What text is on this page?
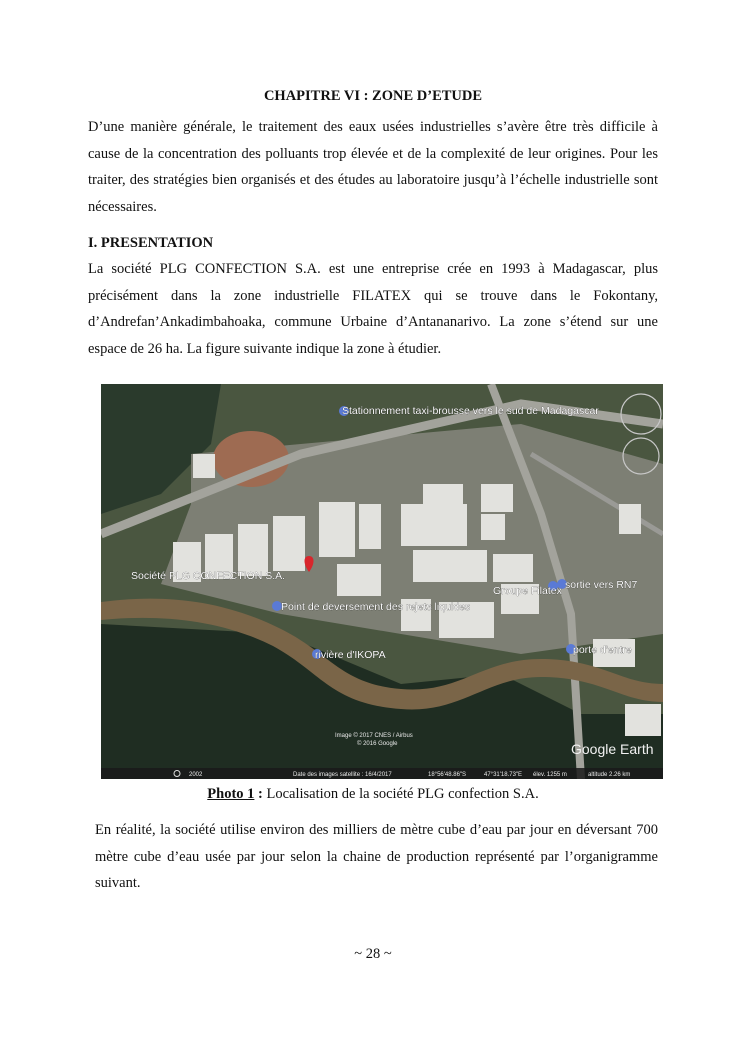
CHAPITRE VI : ZONE D’ETUDE

D’une manière générale, le traitement des eaux usées industrielles s’avère être très difficile à cause de la concentration des polluants trop élevée et de la complexité de leur origines. Pour les traiter, des stratégies bien organisés et des études au laboratoire jusqu’à l’échelle industrielle sont nécessaires.

I. PRESENTATION

La société PLG CONFECTION S.A. est une entreprise crée en 1993 à Madagascar, plus précisément dans la zone industrielle FILATEX qui se trouve dans le Fokontany, d’Andrefan’Ankadimbahoaka, commune Urbaine d’Antananarivo. La zone s’étend sur une espace de 26 ha. La figure suivante indique la zone à étudier.

Stationnement taxi-brousse vers le sud de Madagascar
Société PLG CONFECTION S.A.
Point de deversement des rejets liquides
Groupe Filatex sortie vers RN7
porte d'entre
rivière d'IKOPA
Image © 2017 CNES / Airbus
© 2016 Google	Google Earth
2002	Date des images satellite : 16/4/2017	18°56'48.86"S	47°31'18.73"E élev. 1255 m	altitude 2.26 km
Photo 1 : Localisation de la société PLG confection S.A.

En réalité, la société utilise environ des milliers de mètre cube d’eau par jour en déversant 700 mètre cube d’eau usée par jour selon la chaine de production représenté par l’organigramme suivant.

~ 28 ~
